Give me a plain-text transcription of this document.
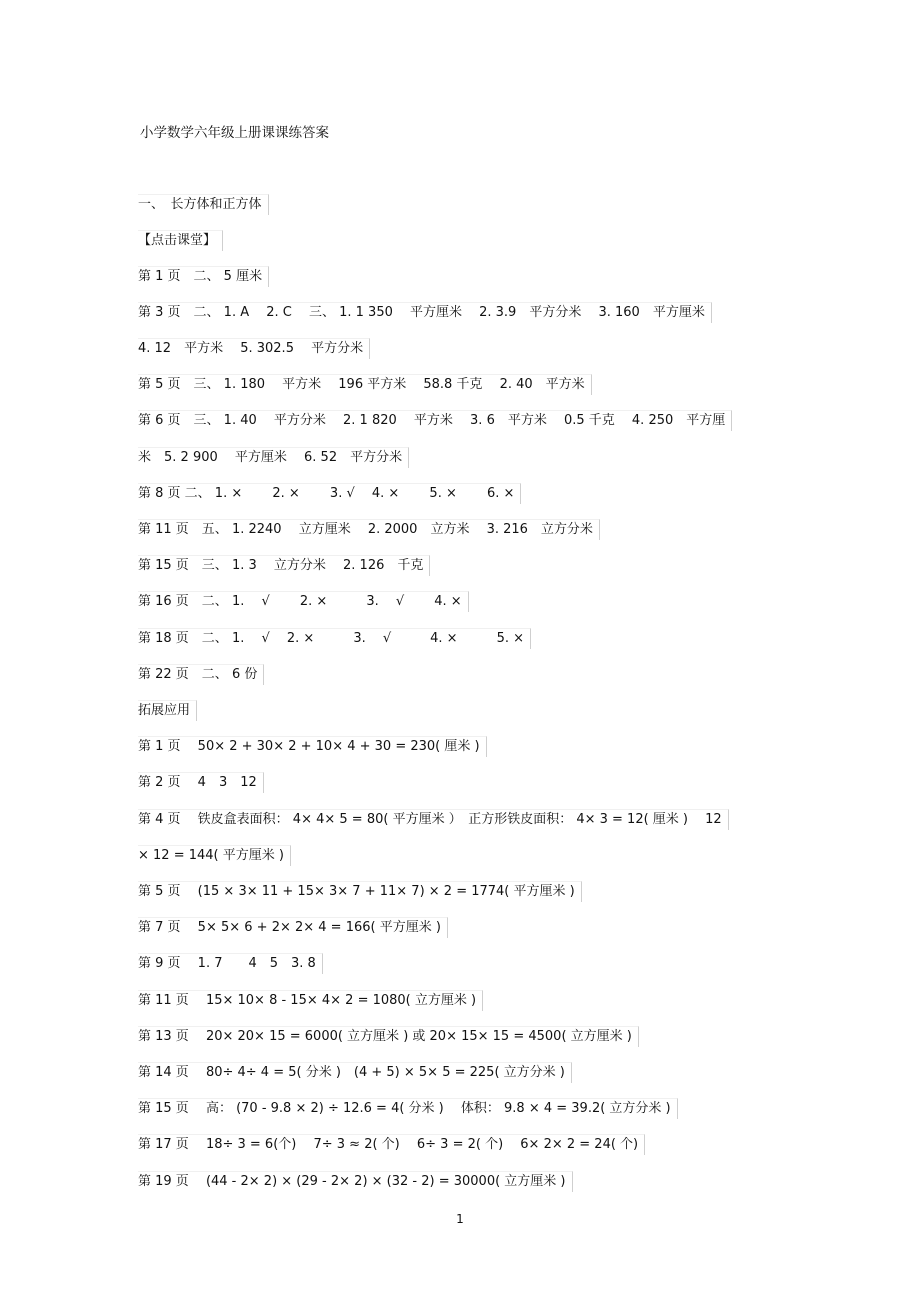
小学数学六年级上册课课练答案
一、　长方体和正方体
【点击课堂】
第 1 页　二、 5 厘米
第 3 页　二、 1. A　 2. C　 三、 1. 1 350　 平方厘米　 2. 3.9　平方分米　 3. 160　平方厘米
4. 12　平方米　 5. 302.5　 平方分米
第 5 页　三、 1. 180　 平方米　 196 平方米　 58.8 千克　 2. 40　平方米
第 6 页　三、 1. 40　 平方分米　 2. 1 820　 平方米　 3. 6　平方米　 0.5 千克　 4. 250　平方厘
米　5. 2 900　 平方厘米　 6. 52　平方分米
第 8 页 二、 1. ×　　 2. ×　　 3. √　 4. ×　　 5. ×　　 6. ×
第 11 页　五、 1. 2240　 立方厘米　 2. 2000　立方米　 3. 216　立方分米
第 15 页　三、 1. 3　 立方分米　 2. 126　千克
第 16 页　二、 1. 　√　　 2. ×　　　3. 　√　　 4. ×
第 18 页　二、 1. 　√　 2. ×　　　3. 　√　　　4. ×　　　5. ×
第 22 页　二、 6 份
拓展应用
第 1 页　 50× 2 + 30× 2 + 10× 4 + 30 = 230( 厘米 )
第 2 页　 4　3　12
第 4 页　 铁皮盒表面积： 4× 4× 5 = 80( 平方厘米 ）　正方形铁皮面积： 4× 3 = 12( 厘米 )　 12
× 12 = 144( 平方厘米 )
第 5 页　 (15 × 3× 11 + 15× 3× 7 + 11× 7) × 2 = 1774( 平方厘米 )
第 7 页　 5× 5× 6 + 2× 2× 4 = 166( 平方厘米 )
第 9 页　 1. 7　　4　5　3. 8
第 11 页　 15× 10× 8 - 15× 4× 2 = 1080( 立方厘米 )
第 13 页　 20× 20× 15 = 6000( 立方厘米 ) 或 20× 15× 15 = 4500( 立方厘米 )
第 14 页　 80÷ 4÷ 4 = 5( 分米 )　(4 + 5) × 5× 5 = 225( 立方分米 )
第 15 页　 高： (70 - 9.8 × 2) ÷ 12.6 = 4( 分米 )　 体积： 9.8 × 4 = 39.2( 立方分米 )
第 17 页　 18÷ 3 = 6(个)　 7÷ 3 ≈ 2( 个)　 6÷ 3 = 2( 个)　 6× 2× 2 = 24( 个)
第 19 页　 (44 - 2× 2) × (29 - 2× 2) × (32 - 2) = 30000( 立方厘米 )
1
